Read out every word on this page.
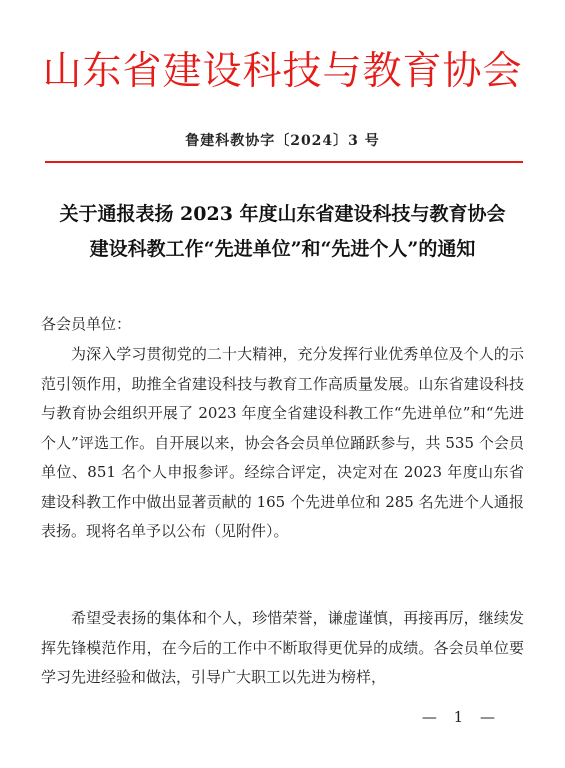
山东省建设科技与教育协会
鲁建科教协字〔2024〕3 号
关于通报表扬 2023 年度山东省建设科技与教育协会
建设科教工作“先进单位”和“先进个人”的通知
各会员单位：
为深入学习贯彻党的二十大精神，充分发挥行业优秀单位及个人的示范引领作用，助推全省建设科技与教育工作高质量发展。山东省建设科技与教育协会组织开展了 2023 年度全省建设科教工作“先进单位”和“先进个人”评选工作。自开展以来，协会各会员单位踊跃参与，共 535 个会员单位、851 名个人申报参评。经综合评定，决定对在 2023 年度山东省建设科教工作中做出显著贡献的 165 个先进单位和 285 名先进个人通报表扬。现将名单予以公布（见附件）。
希望受表扬的集体和个人，珍惜荣誉，谦虚谨慎，再接再厉，继续发挥先锋模范作用，在今后的工作中不断取得更优异的成绩。各会员单位要学习先进经验和做法，引导广大职工以先进为榜样，
— 1 —
